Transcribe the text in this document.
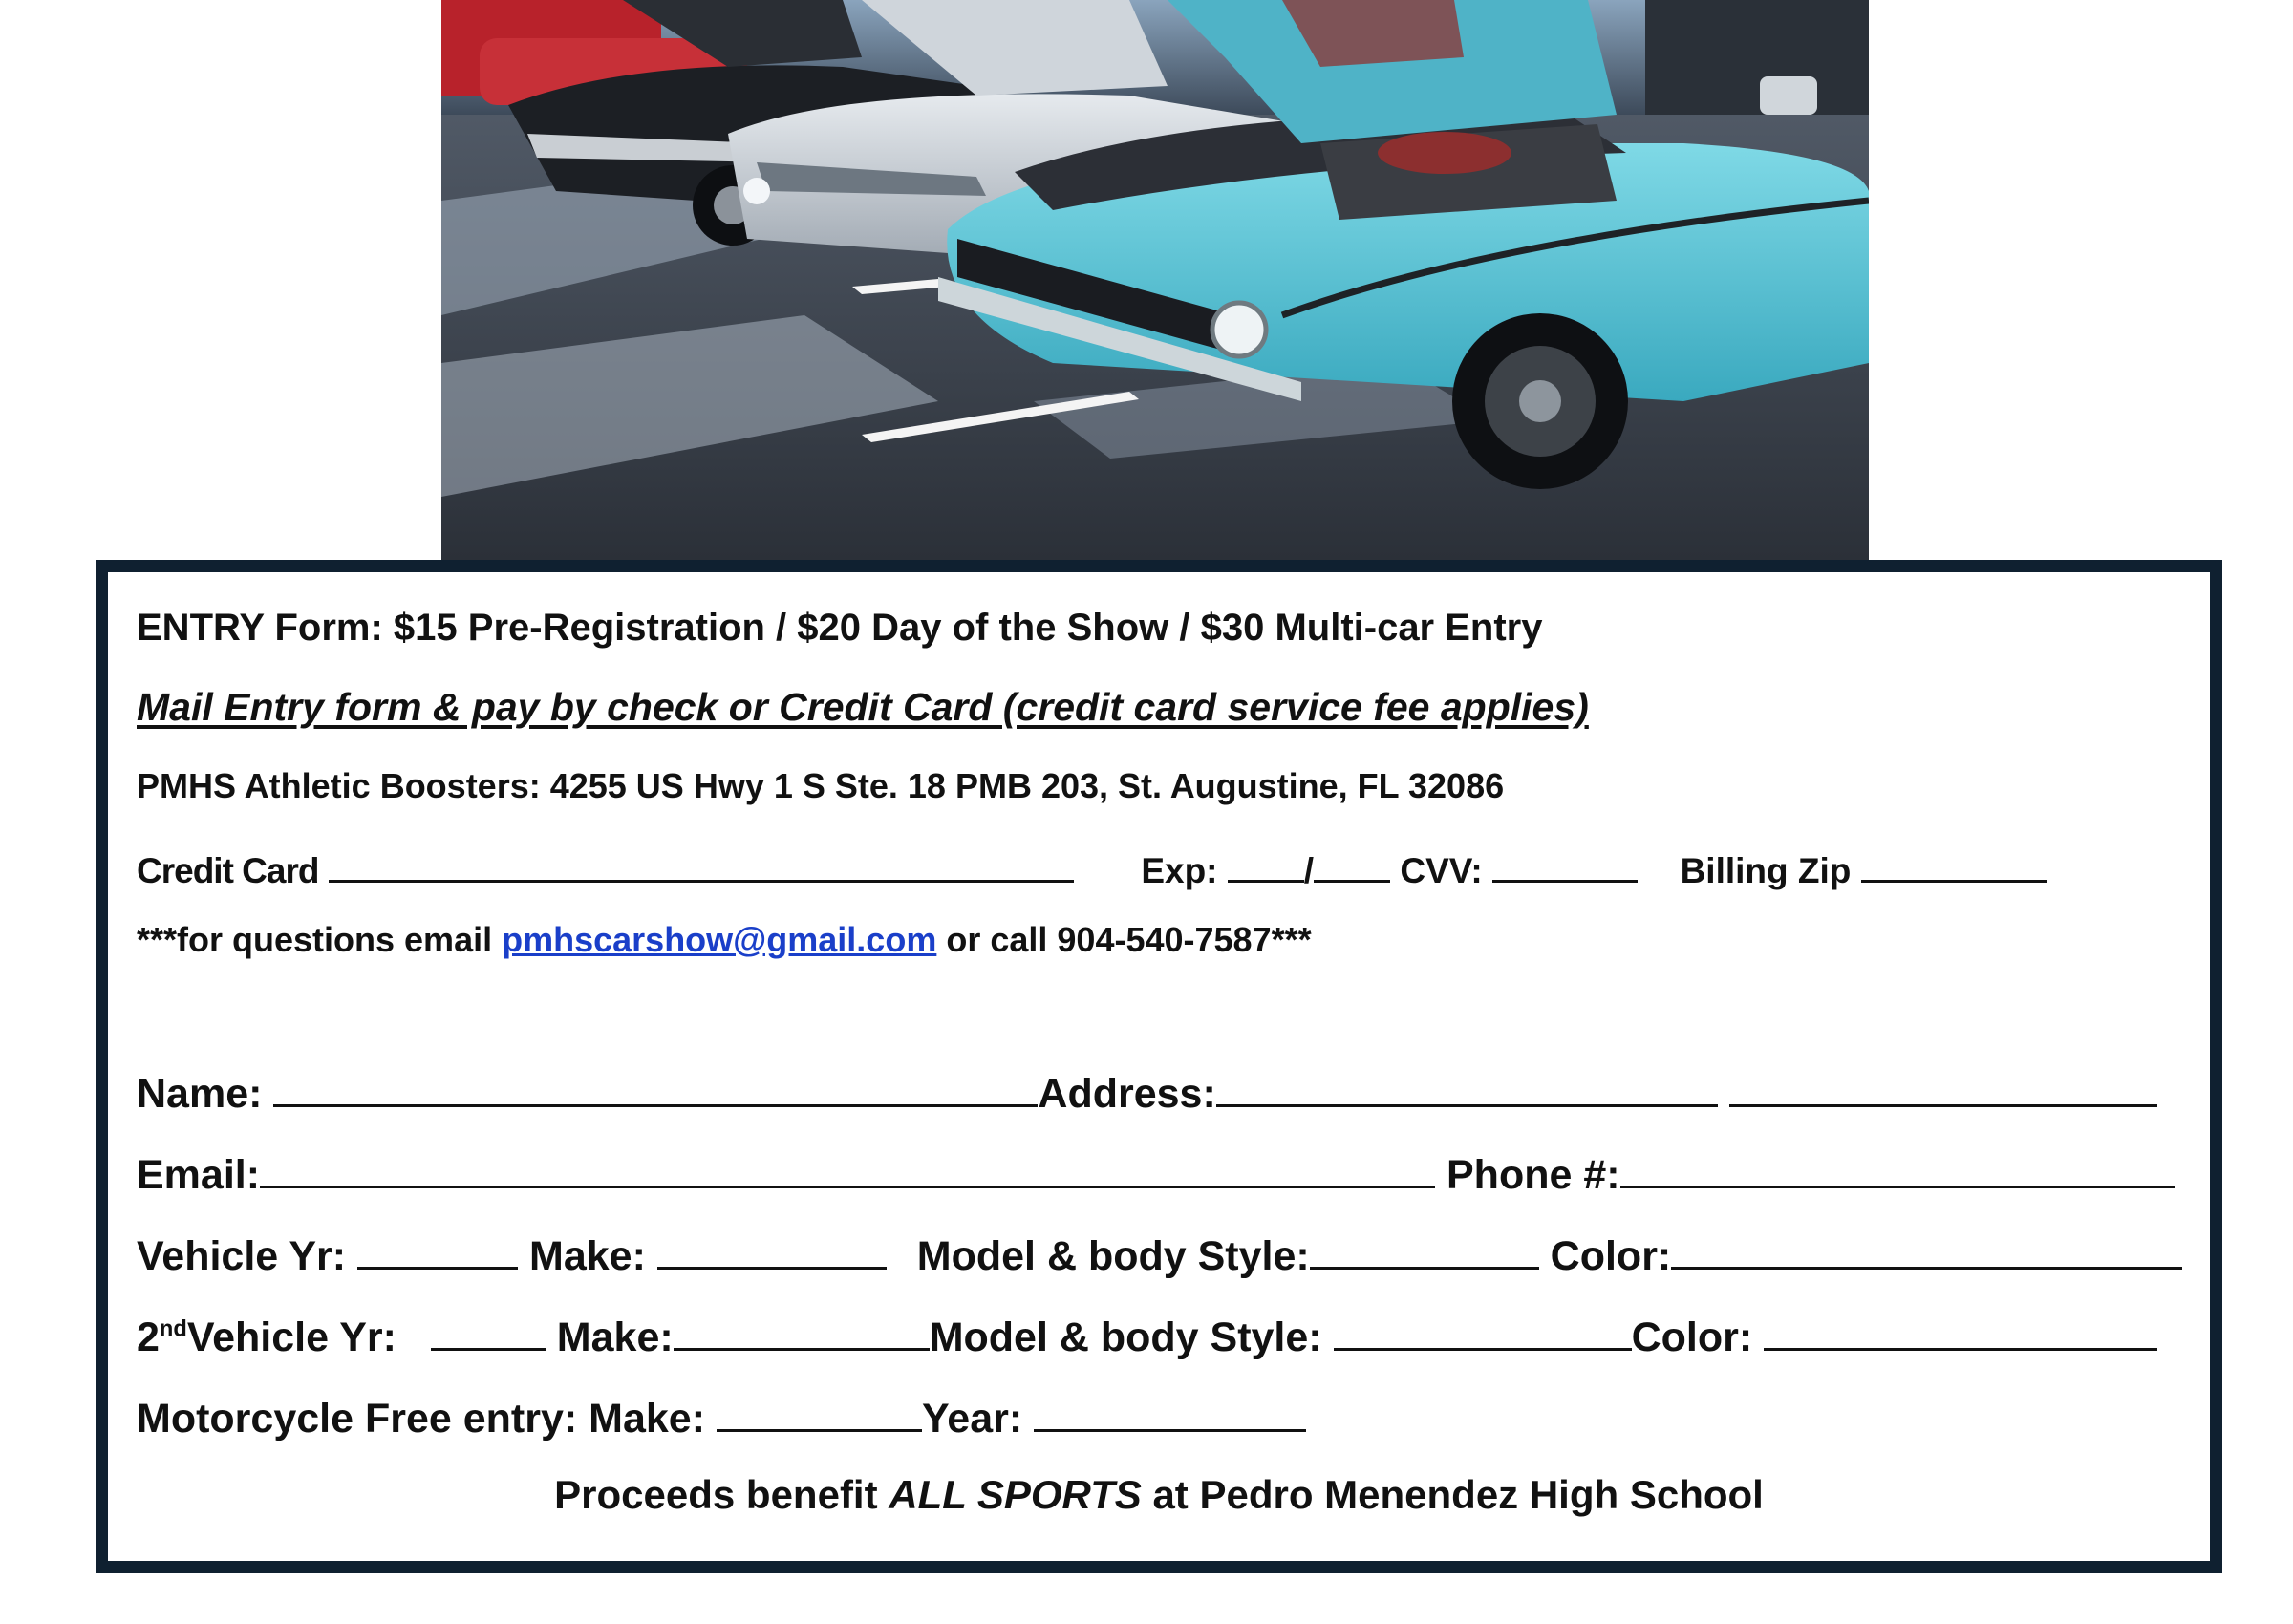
ENTRY Form: $15 Pre-Registration / $20 Day of the Show / $30 Multi-car Entry
Mail Entry form & pay by check or Credit Card (credit card service fee applies)
PMHS Athletic Boosters: 4255 US Hwy 1 S Ste. 18 PMB 203, St. Augustine, FL 32086
Credit Card	Exp: / CVV:	Billing Zip
***for questions email pmhscarshow@gmail.com or call 904-540-7587***
Name:	Address:
Email:	Phone #:
Vehicle Yr:	Make:	Model & body Style:	Color:
2ndVehicle Yr:	Make:	Model & body Style:	Color:
Motorcycle Free entry: Make:	Year:
Proceeds benefit ALL SPORTS at Pedro Menendez High School
